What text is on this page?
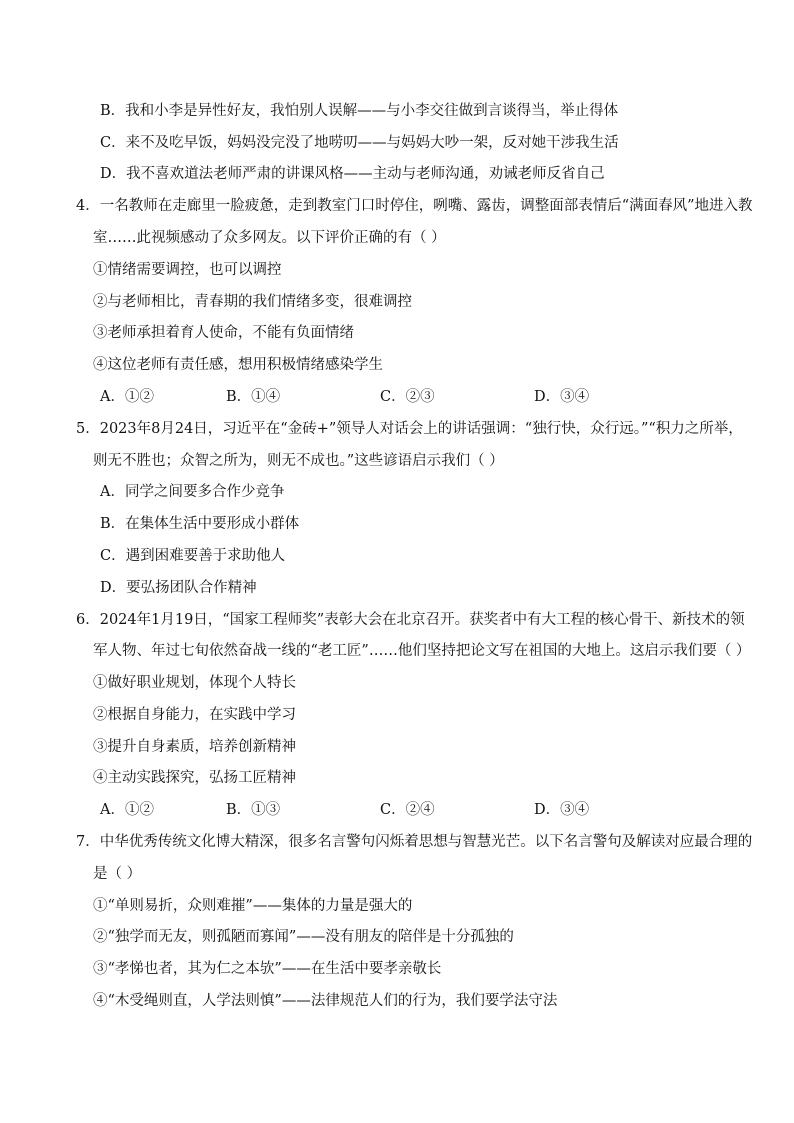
B．我和小李是异性好友，我怕别人误解——与小李交往做到言谈得当，举止得体
C．来不及吃早饭，妈妈没完没了地唠叨——与妈妈大吵一架，反对她干涉我生活
D．我不喜欢道法老师严肃的讲课风格——主动与老师沟通，劝诫老师反省自己
4．一名教师在走廊里一脸疲惫，走到教室门口时停住，咧嘴、露齿，调整面部表情后“满面春风”地进入教
室……此视频感动了众多网友。以下评价正确的有（ ）
①情绪需要调控，也可以调控
②与老师相比，青春期的我们情绪多变，很难调控
③老师承担着育人使命，不能有负面情绪
④这位老师有责任感，想用积极情绪感染学生
A．①②	B．①④	C．②③	D．③④
5．2023年8月24日，习近平在“金砖+”领导人对话会上的讲话强调：“独行快，众行远。”“积力之所举，
则无不胜也；众智之所为，则无不成也。”这些谚语启示我们（ ）
A．同学之间要多合作少竞争
B．在集体生活中要形成小群体
C．遇到困难要善于求助他人
D．要弘扬团队合作精神
6．2024年1月19日，“国家工程师奖”表彰大会在北京召开。获奖者中有大工程的核心骨干、新技术的领
军人物、年过七旬依然奋战一线的“老工匠”……他们坚持把论文写在祖国的大地上。这启示我们要（ ）
①做好职业规划，体现个人特长
②根据自身能力，在实践中学习
③提升自身素质，培养创新精神
④主动实践探究，弘扬工匠精神
A．①②	B．①③	C．②④	D．③④
7．中华优秀传统文化博大精深，很多名言警句闪烁着思想与智慧光芒。以下名言警句及解读对应最合理的
是（ ）
①“单则易折，众则难摧”——集体的力量是强大的
②“独学而无友，则孤陋而寡闻”——没有朋友的陪伴是十分孤独的
③“孝悌也者，其为仁之本欤”——在生活中要孝亲敬长
④“木受绳则直，人学法则慎”——法律规范人们的行为，我们要学法守法
